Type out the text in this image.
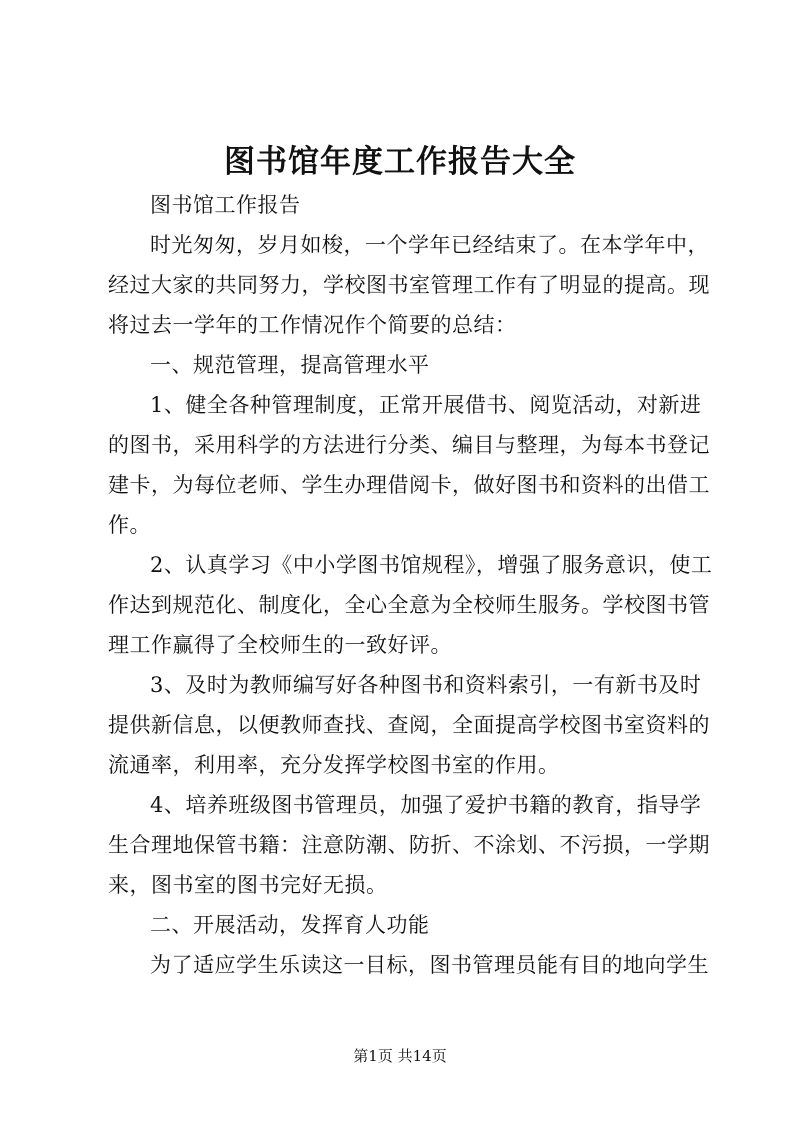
图书馆年度工作报告大全
图书馆工作报告
时光匆匆，岁月如梭，一个学年已经结束了。在本学年中，
经过大家的共同努力，学校图书室管理工作有了明显的提高。现
将过去一学年的工作情况作个简要的总结：
一、规范管理，提高管理水平
1、健全各种管理制度，正常开展借书、阅览活动，对新进
的图书，采用科学的方法进行分类、编目与整理，为每本书登记
建卡，为每位老师、学生办理借阅卡，做好图书和资料的出借工
作。
2、认真学习《中小学图书馆规程》，增强了服务意识，使工
作达到规范化、制度化，全心全意为全校师生服务。学校图书管
理工作赢得了全校师生的一致好评。
3、及时为教师编写好各种图书和资料索引，一有新书及时
提供新信息，以便教师查找、查阅，全面提高学校图书室资料的
流通率，利用率，充分发挥学校图书室的作用。
4、培养班级图书管理员，加强了爱护书籍的教育，指导学
生合理地保管书籍：注意防潮、防折、不涂划、不污损，一学期
来，图书室的图书完好无损。
二、开展活动，发挥育人功能
为了适应学生乐读这一目标，图书管理员能有目的地向学生
第1页 共14页
